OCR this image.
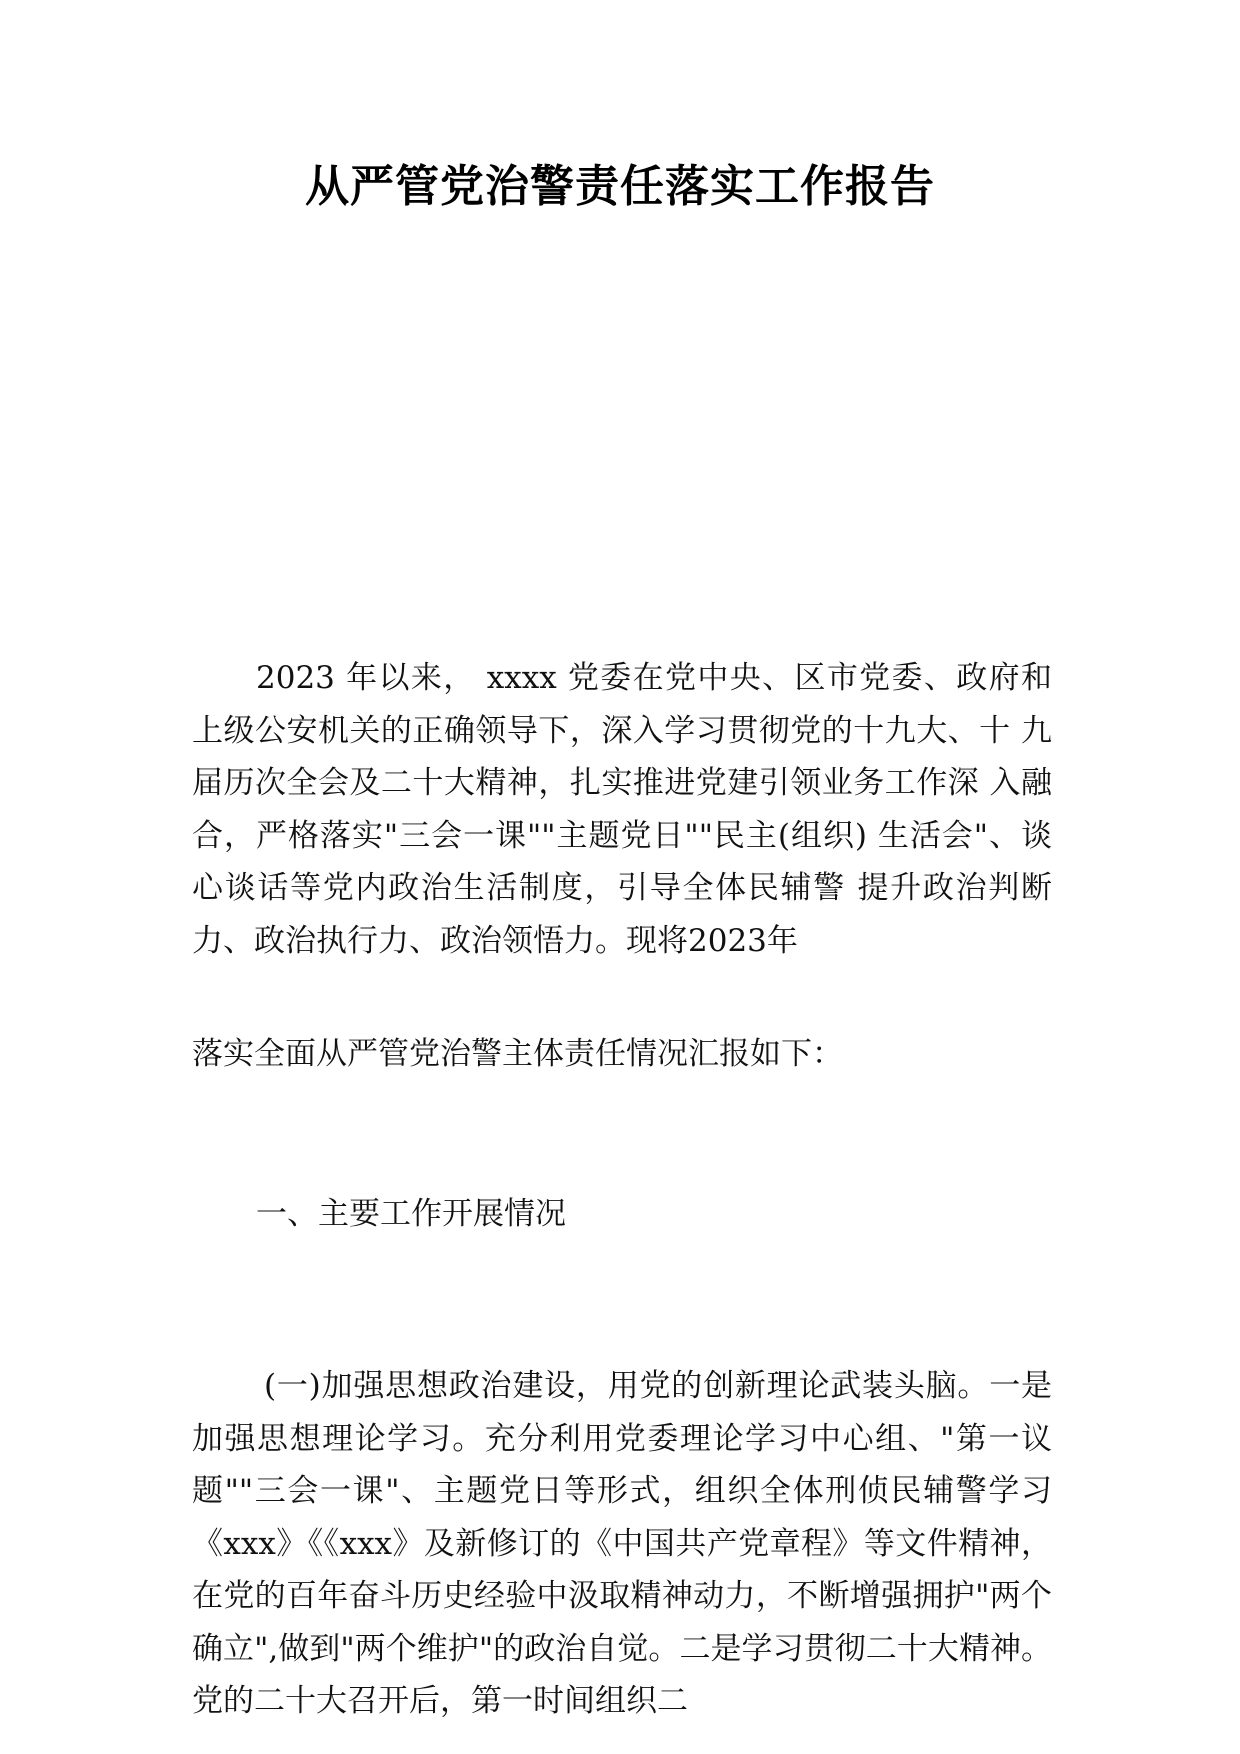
从严管党治警责任落实工作报告

2023 年以来， xxxx 党委在党中央、区市党委、政府和 上级公安机关的正确领导下，深入学习贯彻党的十九大、十 九届历次全会及二十大精神，扎实推进党建引领业务工作深 入融合，严格落实"三会一课""主题党日""民主(组织) 生活会"、谈心谈话等党内政治生活制度，引导全体民辅警 提升政治判断力、政治执行力、政治领悟力。现将2023年

落实全面从严管党治警主体责任情况汇报如下：

一、主要工作开展情况

(一)加强思想政治建设，用党的创新理论武装头脑。一是加强思想理论学习。充分利用党委理论学习中心组、"第一议题""三会一课"、主题党日等形式，组织全体刑侦民辅警学习《xxx》《《xxx》及新修订的《中国共产党章程》等文件精神，在党的百年奋斗历史经验中汲取精神动力，不断增强拥护"两个确立",做到"两个维护"的政治自觉。二是学习贯彻二十大精神。党的二十大召开后，第一时间组织二
